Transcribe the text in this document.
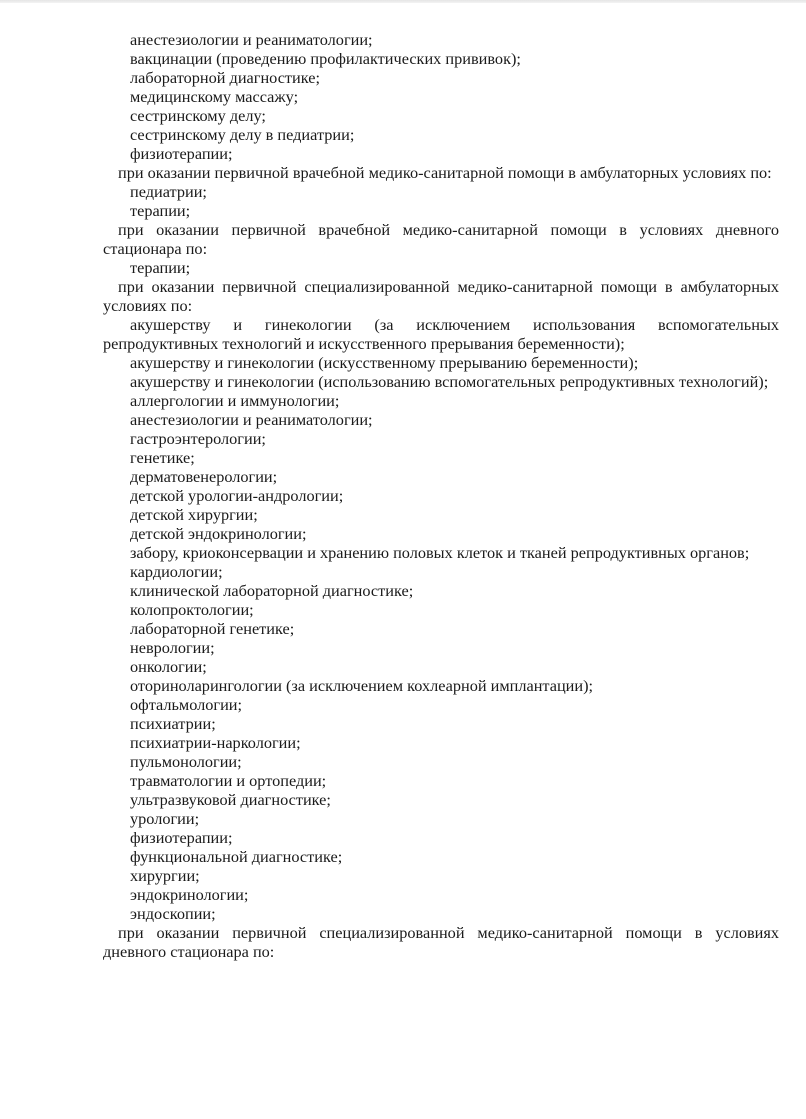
анестезиологии и реаниматологии;

вакцинации (проведению профилактических прививок);

лабораторной диагностике;

медицинскому массажу;

сестринскому делу;

сестринскому делу в педиатрии;

физиотерапии;

при оказании первичной врачебной медико-санитарной помощи в амбулаторных условиях по:

педиатрии;

терапии;

при оказании первичной врачебной медико-санитарной помощи в условиях дневного стационара по:

терапии;

при оказании первичной специализированной медико-санитарной помощи в амбулаторных условиях по:

акушерству и гинекологии (за исключением использования вспомогательных репродуктивных технологий и искусственного прерывания беременности);

акушерству и гинекологии (искусственному прерыванию беременности);

акушерству и гинекологии (использованию вспомогательных репродуктивных технологий);

аллергологии и иммунологии;

анестезиологии и реаниматологии;

гастроэнтерологии;

генетике;

дерматовенерологии;

детской урологии-андрологии;

детской хирургии;

детской эндокринологии;

забору, криоконсервации и хранению половых клеток и тканей репродуктивных органов;

кардиологии;

клинической лабораторной диагностике;

колопроктологии;

лабораторной генетике;

неврологии;

онкологии;

оториноларингологии (за исключением кохлеарной имплантации);

офтальмологии;

психиатрии;

психиатрии-наркологии;

пульмонологии;

травматологии и ортопедии;

ультразвуковой диагностике;

урологии;

физиотерапии;

функциональной диагностике;

хирургии;

эндокринологии;

эндоскопии;

при оказании первичной специализированной медико-санитарной помощи в условиях дневного стационара по:
